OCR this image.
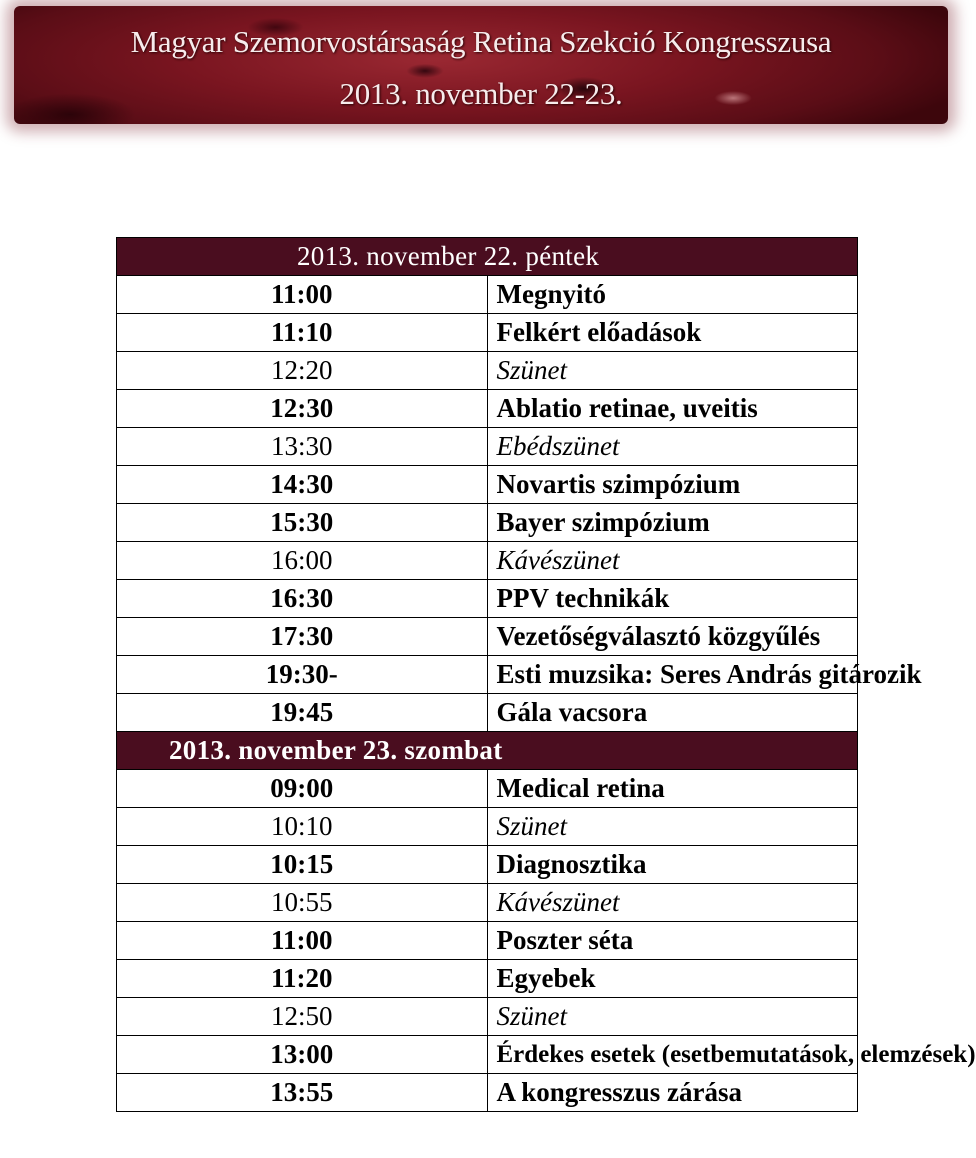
Magyar Szemorvostársaság Retina Szekció Kongresszusa
2013. november 22-23.
2013. november 22. péntek	
11:00	Megnyitó
11:10	Felkért előadások
12:20	Szünet
12:30	Ablatio retinae, uveitis
13:30	Ebédszünet
14:30	Novartis szimpózium
15:30	Bayer szimpózium
16:00	Kávészünet
16:30	PPV technikák
17:30	Vezetőségválasztó közgyűlés
19:30-	Esti muzsika: Seres András gitározik
19:45	Gála vacsora
2013. november 23. szombat	
09:00	Medical retina
10:10	Szünet
10:15	Diagnosztika
10:55	Kávészünet
11:00	Poszter séta
11:20	Egyebek
12:50	Szünet
13:00	Érdekes esetek (esetbemutatások, elemzések)
13:55	A kongresszus zárása
